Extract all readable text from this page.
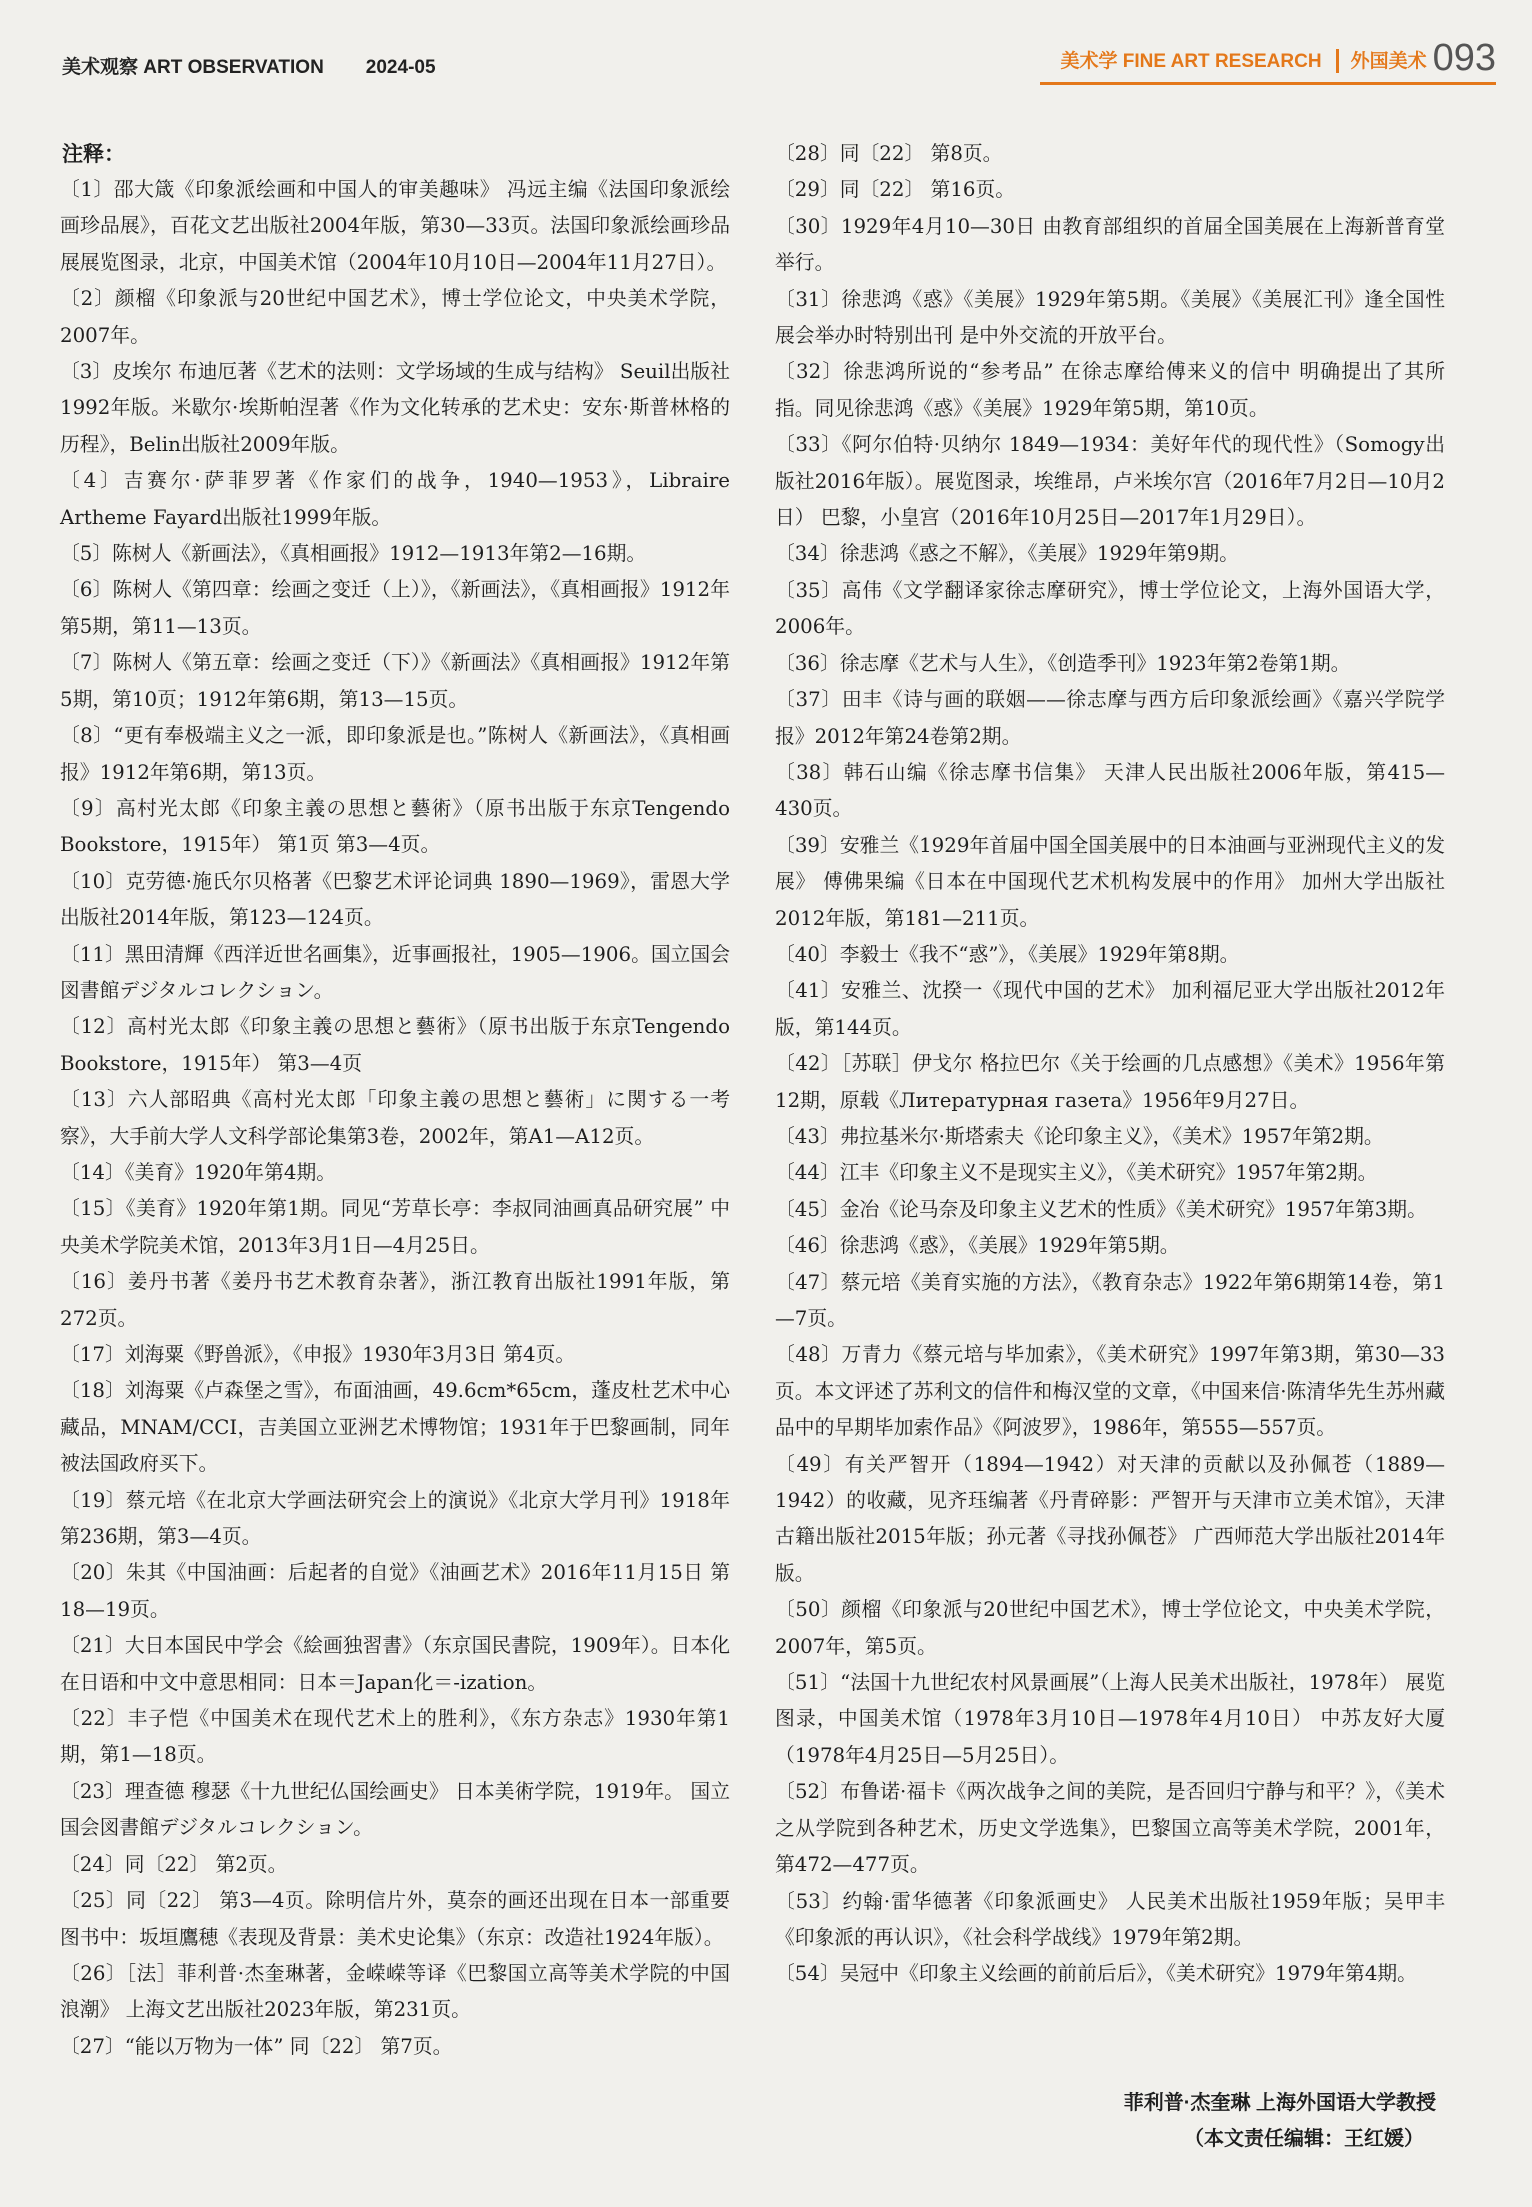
美术观察 ART OBSERVATION 2024-05	美术学 FINE ART RESEARCH 外国美术 093
注释：
〔1〕邵大箴《印象派绘画和中国人的审美趣味》 冯远主编《法国印象派绘画珍品展》，百花文艺出版社2004年版，第30—33页。法国印象派绘画珍品展展览图录，北京，中国美术馆（2004年10月10日—2004年11月27日）。
〔2〕颜榴《印象派与20世纪中国艺术》，博士学位论文，中央美术学院，2007年。
〔3〕皮埃尔 布迪厄著《艺术的法则：文学场域的生成与结构》 Seuil出版社1992年版。米歇尔·埃斯帕涅著《作为文化转承的艺术史：安东·斯普林格的历程》，Belin出版社2009年版。
〔4〕吉赛尔·萨菲罗著《作家们的战争，1940—1953》，Libraire Artheme Fayard出版社1999年版。
〔5〕陈树人《新画法》，《真相画报》1912—1913年第2—16期。
〔6〕陈树人《第四章：绘画之变迁（上）》，《新画法》，《真相画报》1912年第5期，第11—13页。
〔7〕陈树人《第五章：绘画之变迁（下）》《新画法》《真相画报》1912年第5期，第10页；1912年第6期，第13—15页。
〔8〕“更有奉极端主义之一派，即印象派是也。”陈树人《新画法》，《真相画报》1912年第6期，第13页。
〔9〕高村光太郎《印象主義の思想と藝術》（原书出版于东京Tengendo Bookstore，1915年） 第1页 第3—4页。
〔10〕克劳德·施氏尔贝格著《巴黎艺术评论词典 1890—1969》，雷恩大学出版社2014年版，第123—124页。
〔11〕黑田清輝《西洋近世名画集》，近事画报社，1905—1906。国立国会図書館デジタルコレクション。
〔12〕高村光太郎《印象主義の思想と藝術》（原书出版于东京Tengendo Bookstore，1915年） 第3—4页
〔13〕六人部昭典《高村光太郎「印象主義の思想と藝術」に関する一考察》，大手前大学人文科学部论集第3卷，2002年，第A1—A12页。
〔14〕《美育》1920年第4期。
〔15〕《美育》1920年第1期。同见“芳草长亭：李叔同油画真品研究展” 中央美术学院美术馆，2013年3月1日—4月25日。
〔16〕姜丹书著《姜丹书艺术教育杂著》，浙江教育出版社1991年版，第272页。
〔17〕刘海粟《野兽派》，《申报》1930年3月3日 第4页。
〔18〕刘海粟《卢森堡之雪》，布面油画，49.6cm*65cm，蓬皮杜艺术中心藏品，MNAM/CCI，吉美国立亚洲艺术博物馆；1931年于巴黎画制，同年被法国政府买下。
〔19〕蔡元培《在北京大学画法研究会上的演说》《北京大学月刊》1918年第236期，第3—4页。
〔20〕朱其《中国油画：后起者的自觉》《油画艺术》2016年11月15日 第18—19页。
〔21〕大日本国民中学会《絵画独習書》（东京国民書院，1909年）。日本化在日语和中文中意思相同：日本＝Japan化＝-ization。
〔22〕丰子恺《中国美术在现代艺术上的胜利》，《东方杂志》1930年第1期，第1—18页。
〔23〕理查德 穆瑟《十九世纪仏国绘画史》 日本美術学院，1919年。 国立国会図書館デジタルコレクション。
〔24〕同〔22〕 第2页。
〔25〕同〔22〕 第3—4页。除明信片外，莫奈的画还出现在日本一部重要图书中：坂垣鷹穂《表现及背景：美术史论集》（东京：改造社1924年版）。
〔26〕［法］菲利普·杰奎琳著，金嵘嵘等译《巴黎国立高等美术学院的中国浪潮》 上海文艺出版社2023年版，第231页。
〔27〕“能以万物为一体” 同〔22〕 第7页。
〔28〕同〔22〕 第8页。
〔29〕同〔22〕 第16页。
〔30〕1929年4月10—30日 由教育部组织的首届全国美展在上海新普育堂举行。
〔31〕徐悲鸿《惑》《美展》1929年第5期。《美展》《美展汇刊》逢全国性展会举办时特别出刊 是中外交流的开放平台。
〔32〕徐悲鸿所说的“参考品” 在徐志摩给傅来义的信中 明确提出了其所指。同见徐悲鸿《惑》《美展》1929年第5期，第10页。
〔33〕《阿尔伯特·贝纳尔 1849—1934：美好年代的现代性》（Somogy出版社2016年版）。展览图录，埃维昂，卢米埃尔宫（2016年7月2日—10月2日） 巴黎，小皇宫（2016年10月25日—2017年1月29日）。
〔34〕徐悲鸿《惑之不解》，《美展》1929年第9期。
〔35〕高伟《文学翻译家徐志摩研究》，博士学位论文，上海外国语大学，2006年。
〔36〕徐志摩《艺术与人生》，《创造季刊》1923年第2卷第1期。
〔37〕田丰《诗与画的联姻——徐志摩与西方后印象派绘画》《嘉兴学院学报》2012年第24卷第2期。
〔38〕韩石山编《徐志摩书信集》 天津人民出版社2006年版，第415—430页。
〔39〕安雅兰《1929年首届中国全国美展中的日本油画与亚洲现代主义的发展》 傅佛果编《日本在中国现代艺术机构发展中的作用》 加州大学出版社2012年版，第181—211页。
〔40〕李毅士《我不“惑”》，《美展》1929年第8期。
〔41〕安雅兰、沈揆一《现代中国的艺术》 加利福尼亚大学出版社2012年版，第144页。
〔42〕［苏联］伊戈尔 格拉巴尔《关于绘画的几点感想》《美术》1956年第12期，原载《Литературная газета》1956年9月27日。
〔43〕弗拉基米尔·斯塔索夫《论印象主义》，《美术》1957年第2期。
〔44〕江丰《印象主义不是现实主义》，《美术研究》1957年第2期。
〔45〕金冶《论马奈及印象主义艺术的性质》《美术研究》1957年第3期。
〔46〕徐悲鸿《惑》，《美展》1929年第5期。
〔47〕蔡元培《美育实施的方法》，《教育杂志》1922年第6期第14卷，第1—7页。
〔48〕万青力《蔡元培与毕加索》，《美术研究》1997年第3期，第30—33页。本文评述了苏利文的信件和梅汉堂的文章，《中国来信·陈清华先生苏州藏品中的早期毕加索作品》《阿波罗》，1986年，第555—557页。
〔49〕有关严智开（1894—1942）对天津的贡献以及孙佩苍（1889—1942）的收藏，见齐珏编著《丹青碎影：严智开与天津市立美术馆》，天津古籍出版社2015年版；孙元著《寻找孙佩苍》 广西师范大学出版社2014年版。
〔50〕颜榴《印象派与20世纪中国艺术》，博士学位论文，中央美术学院，2007年，第5页。
〔51〕“法国十九世纪农村风景画展”（上海人民美术出版社，1978年） 展览图录，中国美术馆（1978年3月10日—1978年4月10日） 中苏友好大厦（1978年4月25日—5月25日）。
〔52〕布鲁诺·福卡《两次战争之间的美院，是否回归宁静与和平？》，《美术之从学院到各种艺术，历史文学选集》，巴黎国立高等美术学院，2001年，第472—477页。
〔53〕约翰·雷华德著《印象派画史》 人民美术出版社1959年版；吴甲丰《印象派的再认识》，《社会科学战线》1979年第2期。
〔54〕吴冠中《印象主义绘画的前前后后》，《美术研究》1979年第4期。
菲利普·杰奎琳 上海外国语大学教授
（本文责任编辑：王红媛）
